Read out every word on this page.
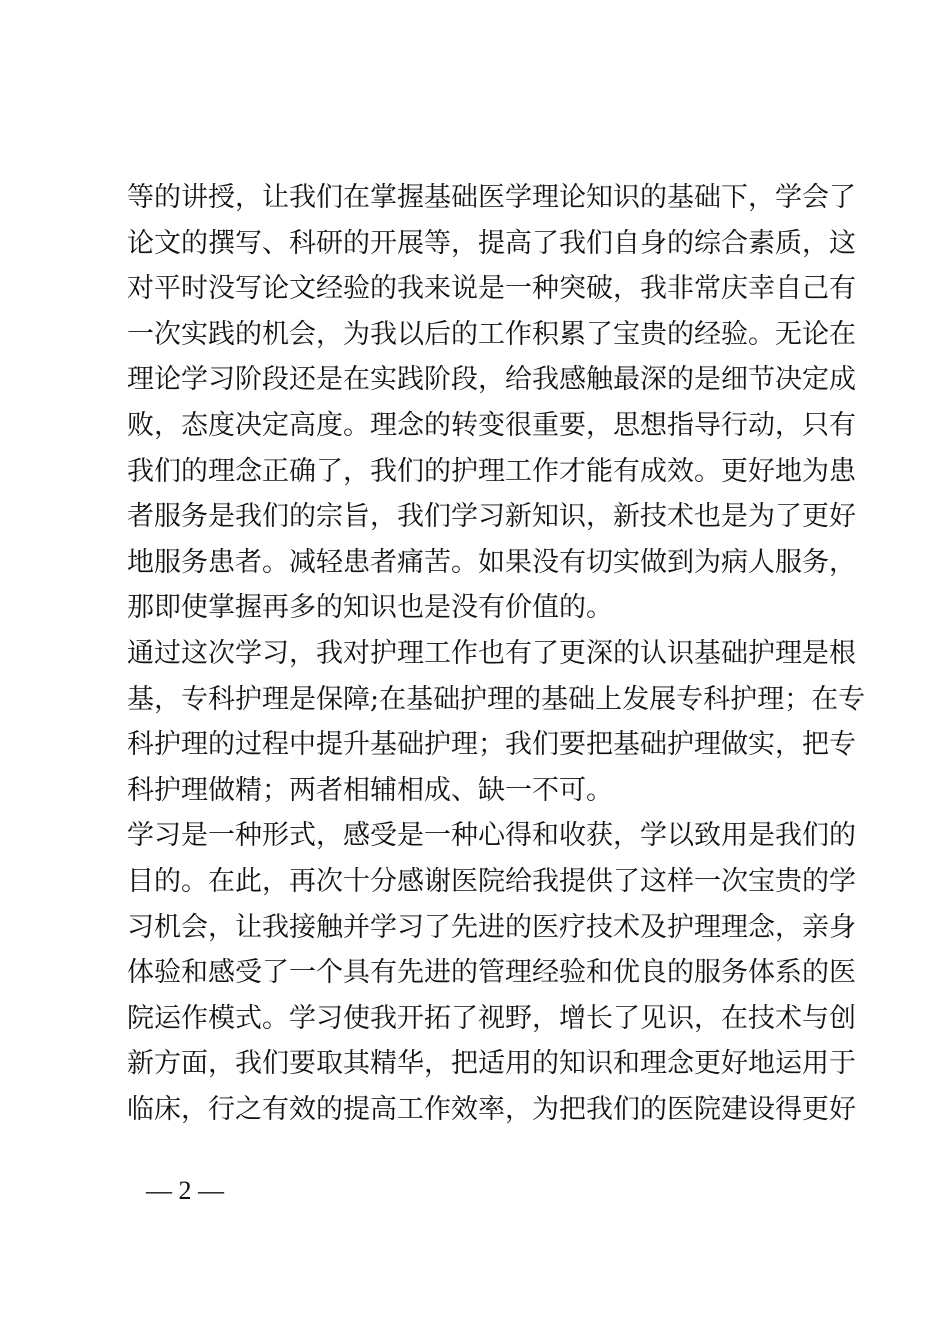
等的讲授，让我们在掌握基础医学理论知识的基础下，学会了
论文的撰写、科研的开展等，提高了我们自身的综合素质，这
对平时没写论文经验的我来说是一种突破，我非常庆幸自己有
一次实践的机会，为我以后的工作积累了宝贵的经验。无论在
理论学习阶段还是在实践阶段，给我感触最深的是细节决定成
败，态度决定高度。理念的转变很重要，思想指导行动，只有
我们的理念正确了，我们的护理工作才能有成效。更好地为患
者服务是我们的宗旨，我们学习新知识，新技术也是为了更好
地服务患者。减轻患者痛苦。如果没有切实做到为病人服务，
那即使掌握再多的知识也是没有价值的。
通过这次学习，我对护理工作也有了更深的认识基础护理是根
基，专科护理是保障;在基础护理的基础上发展专科护理；在专
科护理的过程中提升基础护理；我们要把基础护理做实，把专
科护理做精；两者相辅相成、缺一不可。
学习是一种形式，感受是一种心得和收获，学以致用是我们的
目的。在此，再次十分感谢医院给我提供了这样一次宝贵的学
习机会，让我接触并学习了先进的医疗技术及护理理念，亲身
体验和感受了一个具有先进的管理经验和优良的服务体系的医
院运作模式。学习使我开拓了视野，增长了见识，在技术与创
新方面，我们要取其精华，把适用的知识和理念更好地运用于
临床，行之有效的提高工作效率，为把我们的医院建设得更好
— 2 —
